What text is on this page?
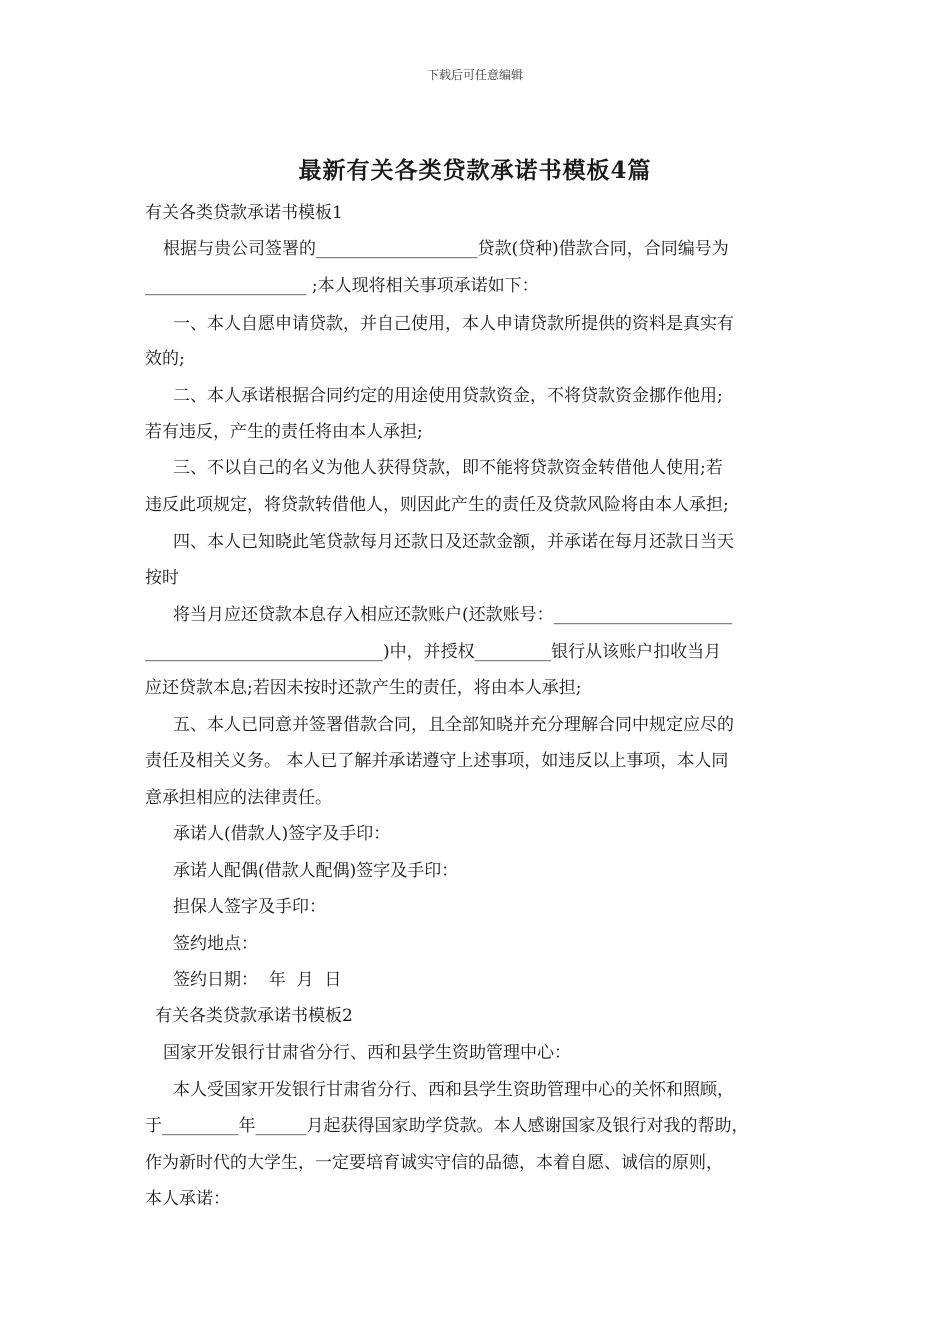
下载后可任意编辑
最新有关各类贷款承诺书模板4篇
有关各类贷款承诺书模板1
根据与贵公司签署的___________________贷款(贷种)借款合同，合同编号为
___________________ ;本人现将相关事项承诺如下：
一、本人自愿申请贷款，并自己使用，本人申请贷款所提供的资料是真实有
效的;
二、本人承诺根据合同约定的用途使用贷款资金，不将贷款资金挪作他用;
若有违反，产生的责任将由本人承担;
三、不以自己的名义为他人获得贷款，即不能将贷款资金转借他人使用;若
违反此项规定，将贷款转借他人，则因此产生的责任及贷款风险将由本人承担;
四、本人已知晓此笔贷款每月还款日及还款金额，并承诺在每月还款日当天
按时
将当月应还贷款本息存入相应还款账户(还款账号：_____________________
____________________________)中，并授权_________银行从该账户扣收当月
应还贷款本息;若因未按时还款产生的责任，将由本人承担;
五、本人已同意并签署借款合同，且全部知晓并充分理解合同中规定应尽的
责任及相关义务。 本人已了解并承诺遵守上述事项，如违反以上事项，本人同
意承担相应的法律责任。
承诺人(借款人)签字及手印：
承诺人配偶(借款人配偶)签字及手印：
担保人签字及手印：
签约地点：
签约日期：  年  月  日
有关各类贷款承诺书模板2
国家开发银行甘肃省分行、西和县学生资助管理中心：
本人受国家开发银行甘肃省分行、西和县学生资助管理中心的关怀和照顾，
于_________年______月起获得国家助学贷款。本人感谢国家及银行对我的帮助，
作为新时代的大学生，一定要培育诚实守信的品德，本着自愿、诚信的原则，
本人承诺：
